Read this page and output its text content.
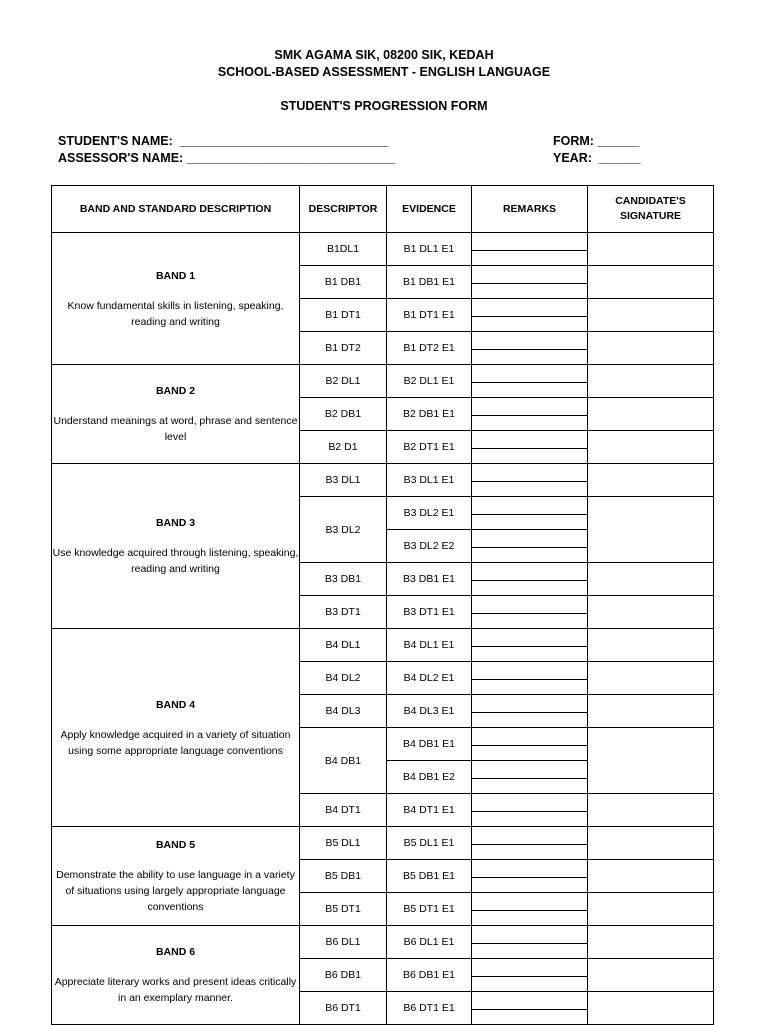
SMK AGAMA SIK, 08200 SIK, KEDAH
SCHOOL-BASED ASSESSMENT - ENGLISH LANGUAGE
STUDENT'S PROGRESSION FORM
STUDENT'S NAME:  ______________________________
ASSESSOR'S NAME: ______________________________
FORM: ______
YEAR:  ______
BAND AND STANDARD DESCRIPTION	DESCRIPTOR	EVIDENCE	REMARKS	CANDIDATE'S SIGNATURE

BAND 1
Know fundamental skills in listening, speaking, reading and writing	B1DL1	B1 DL1 E1	

	B1 DB1	B1 DB1 E1	

	B1 DT1	B1 DT1 E1	

	B1 DT2	B1 DT2 E1	

BAND 2
Understand meanings at word, phrase and sentence level	B2 DL1	B2 DL1 E1	

	B2 DB1	B2 DB1 E1	

	B2 D1	B2 DT1 E1	

BAND 3
Use knowledge acquired through listening, speaking, reading and writing	B3 DL1	B3 DL1 E1	

	B3 DL2	B3 DL2 E1	

		B3 DL2 E2		

	B3 DB1	B3 DB1 E1	

	B3 DT1	B3 DT1 E1	

BAND 4
Apply knowledge acquired in a variety of situation using some appropriate language conventions	B4 DL1	B4 DL1 E1	

	B4 DL2	B4 DL2 E1	

	B4 DL3	B4 DL3 E1	

	B4 DB1	B4 DB1 E1	

		B4 DB1 E2		

	B4 DT1	B4 DT1 E1	

BAND 5
Demonstrate the ability to use language in a variety of situations using largely appropriate language conventions	B5 DL1	B5 DL1 E1	

	B5 DB1	B5 DB1 E1	

	B5 DT1	B5 DT1 E1	

BAND 6
Appreciate literary works and present ideas critically in an exemplary manner.	B6 DL1	B6 DL1 E1	

	B6 DB1	B6 DB1 E1	

	B6 DT1	B6 DT1 E1	
